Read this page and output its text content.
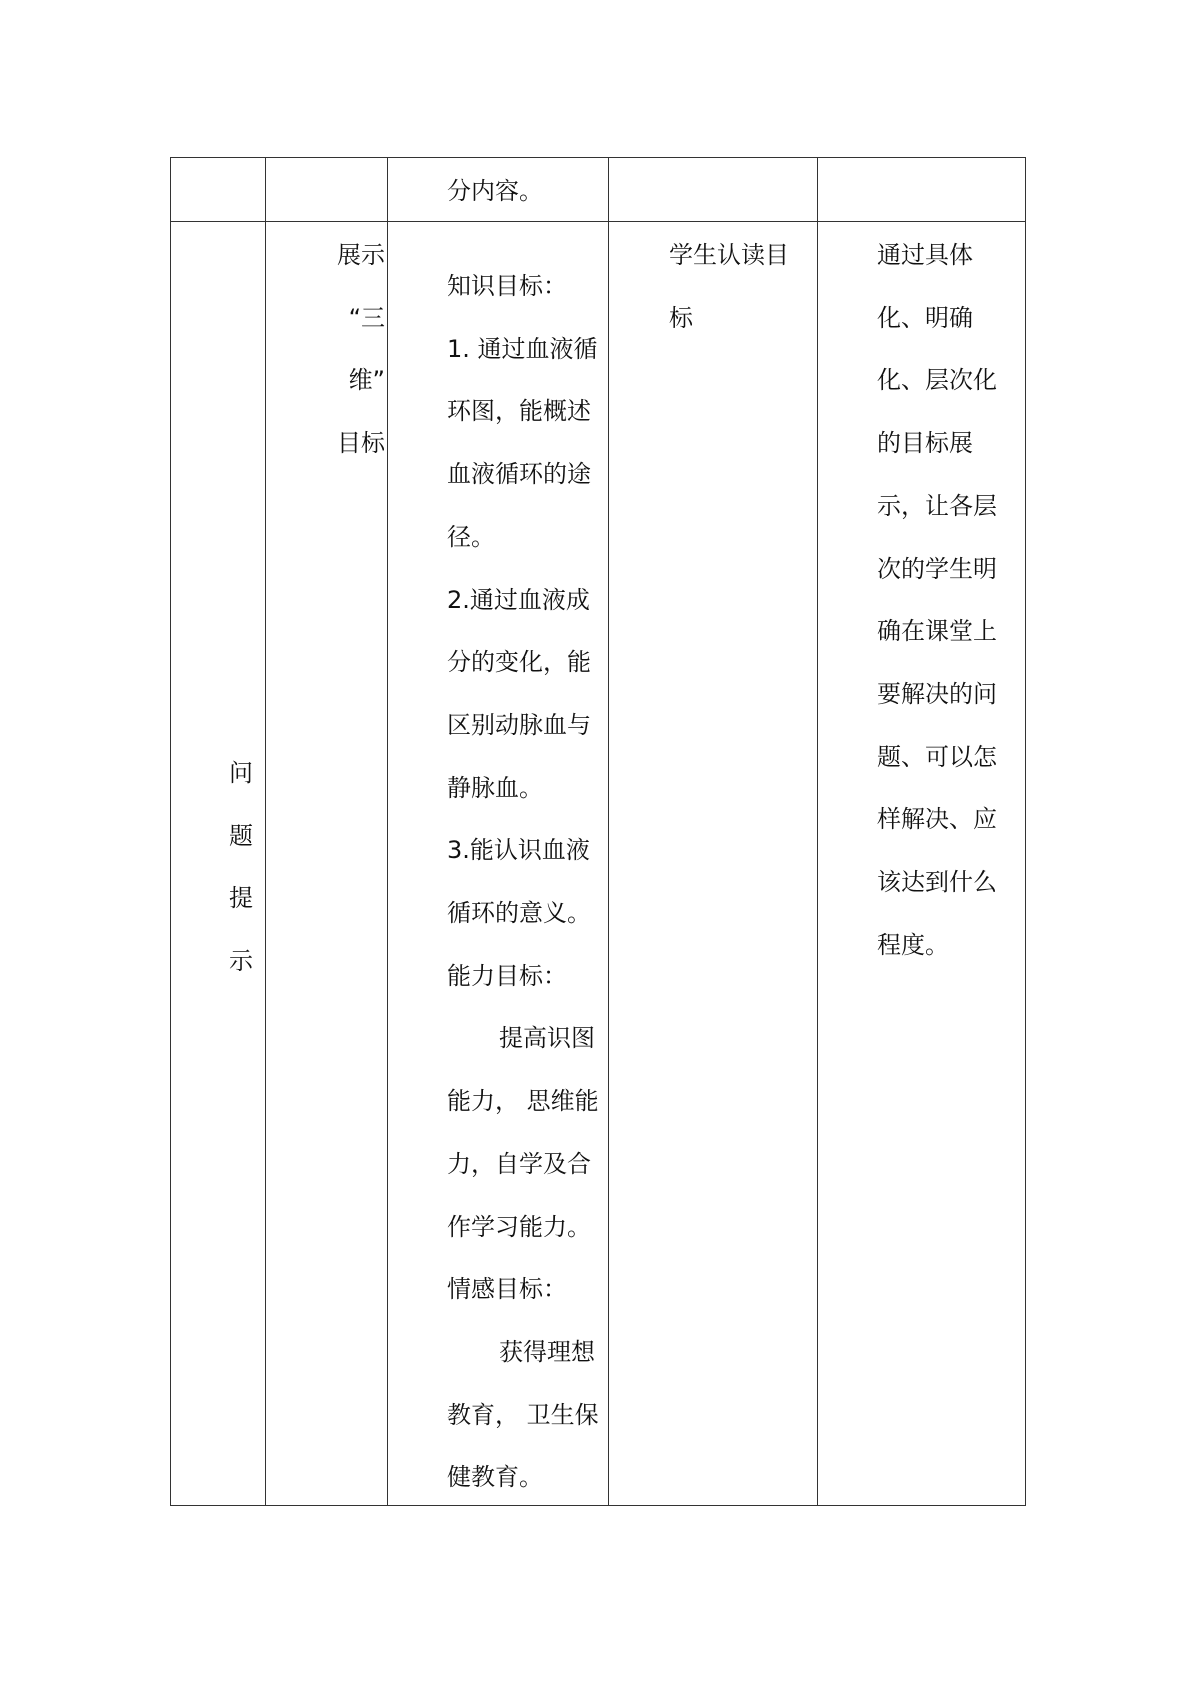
分内容。

问
题
提
示

展示
“三
维”
目标

知识目标：
1. 通过血液循
环图，能概述
血液循环的途
径。
2.通过血液成
分的变化，能
区别动脉血与
静脉血。
3.能认识血液
循环的意义。
能力目标：
提高识图
能力， 思维能
力，自学及合
作学习能力。
情感目标：
获得理想
教育， 卫生保
健教育。

学生认读目
标

通过具体
化、明确
化、层次化
的目标展
示，让各层
次的学生明
确在课堂上
要解决的问
题、可以怎
样解决、应
该达到什么
程度。
